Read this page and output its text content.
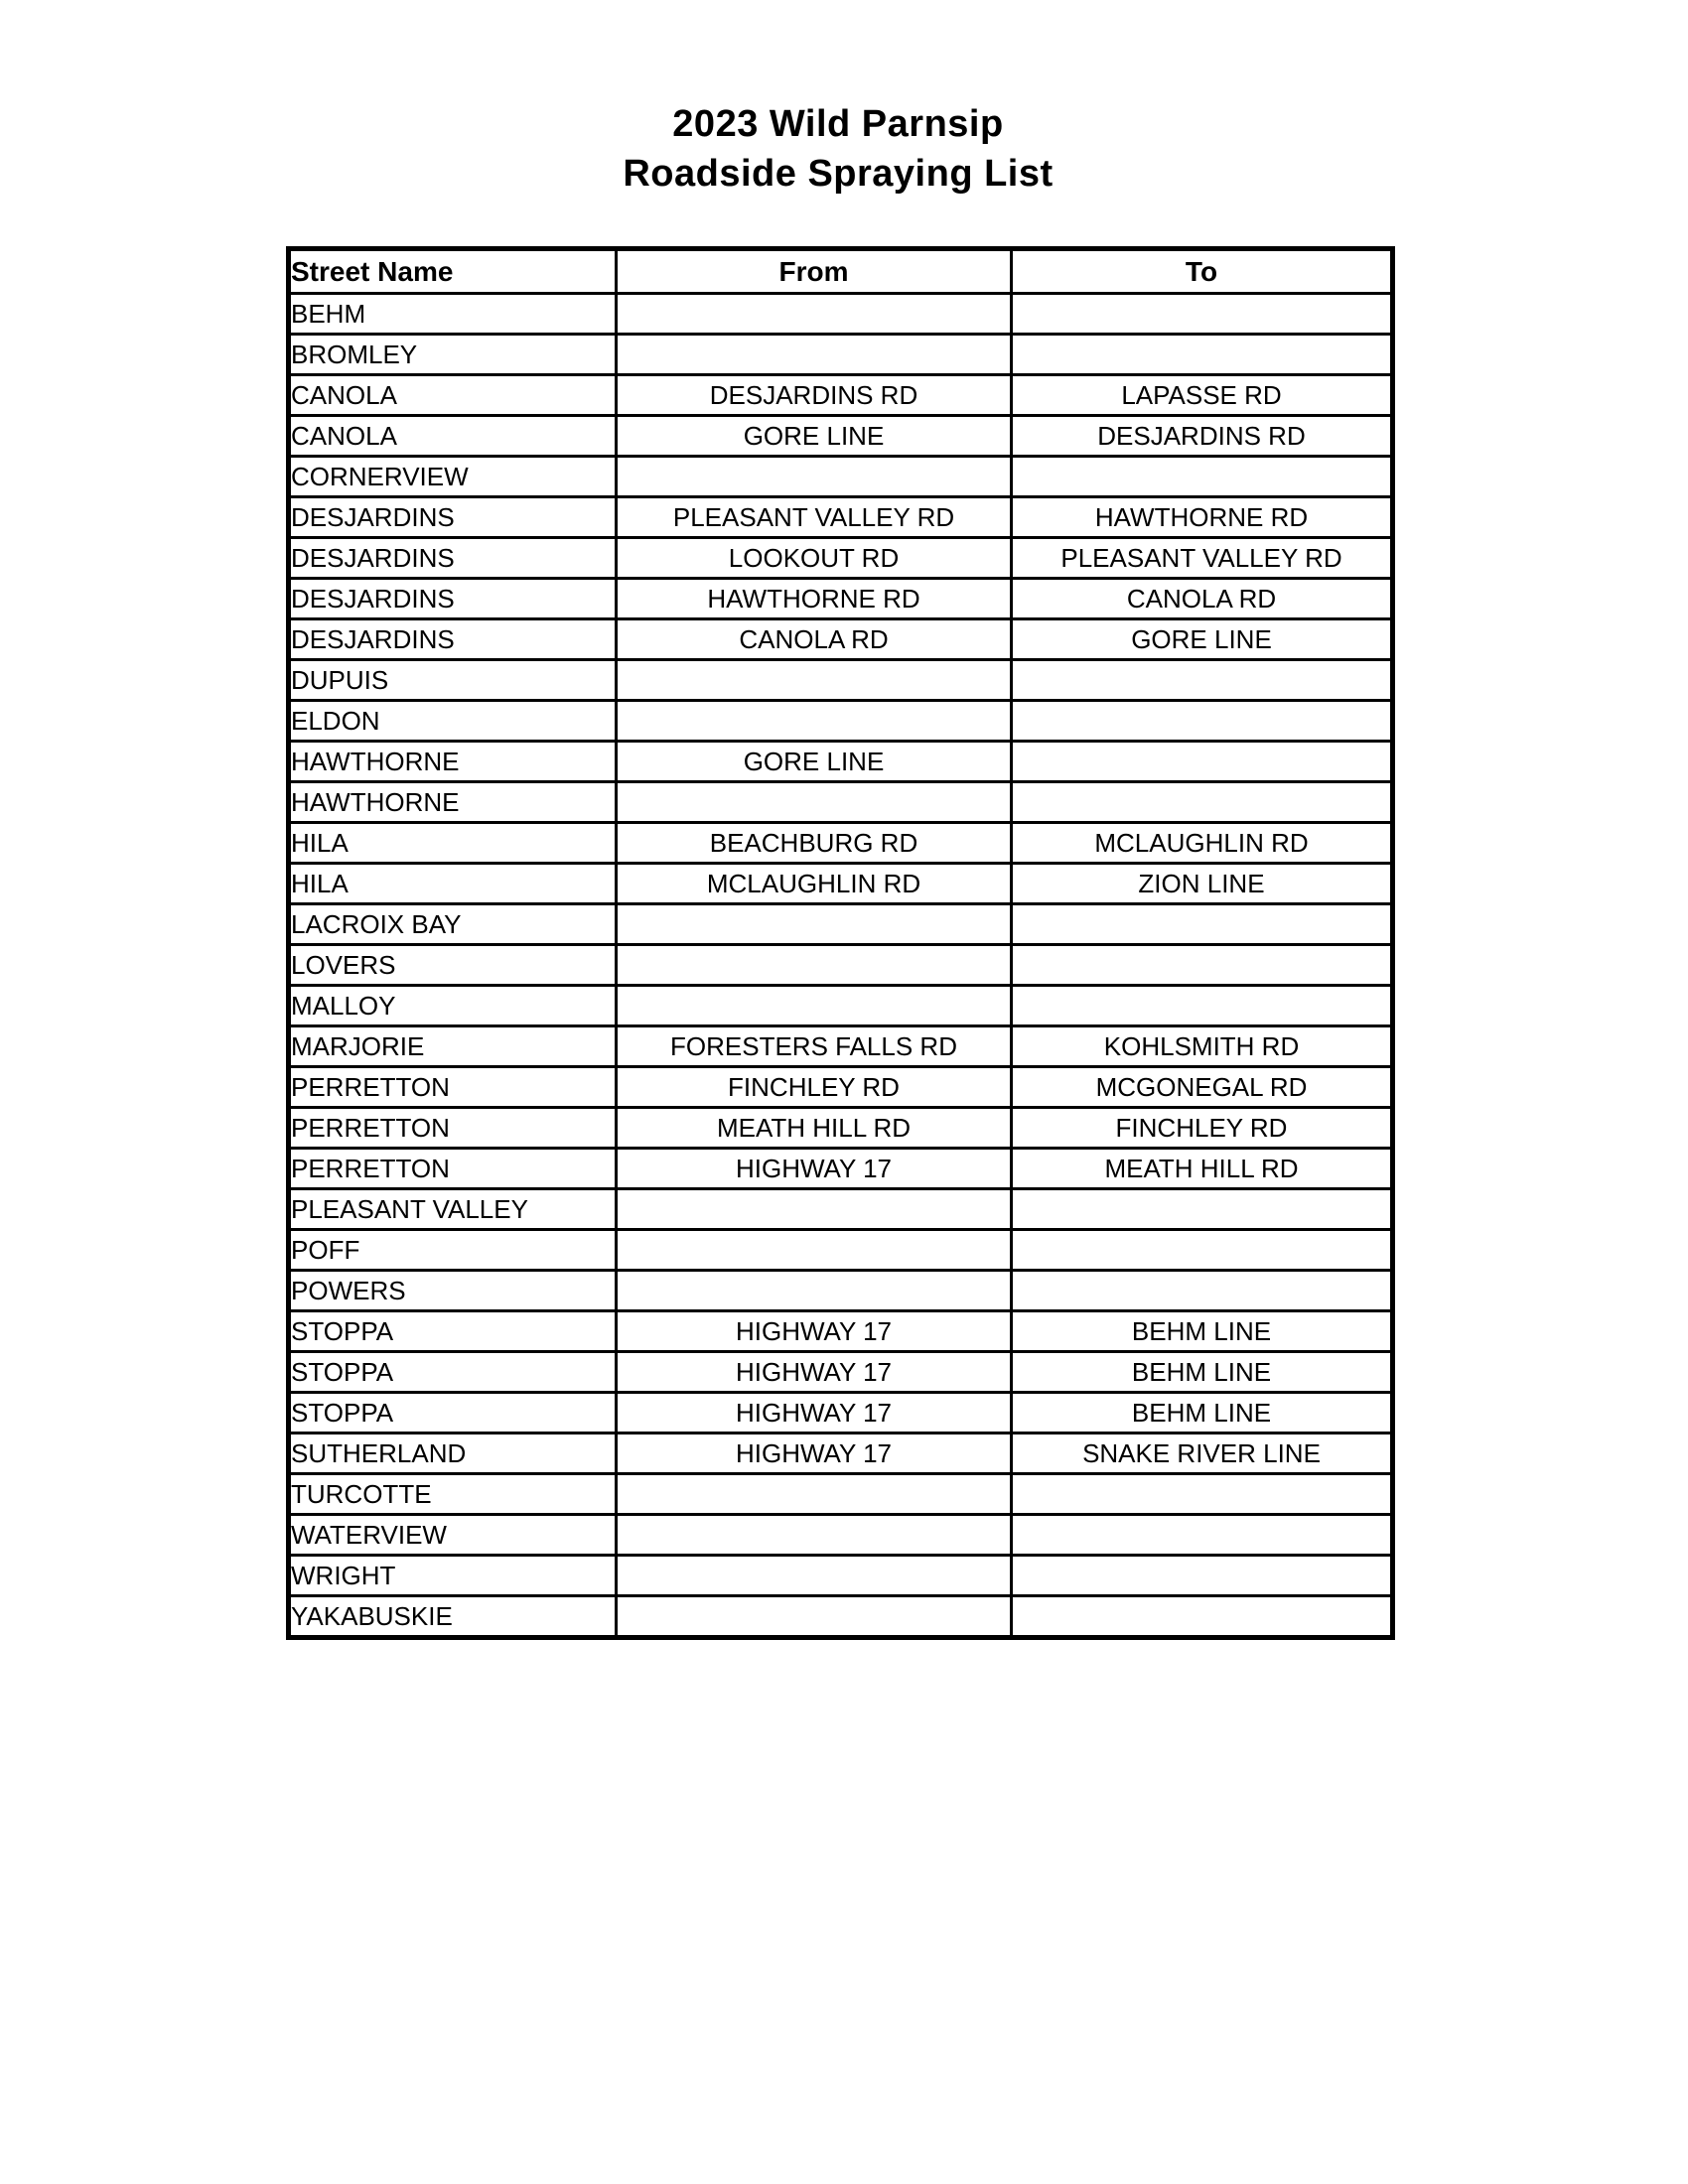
2023 Wild Parnsip
Roadside Spraying List
Street Name	From	To
BEHM		
BROMLEY		
CANOLA	DESJARDINS RD	LAPASSE RD
CANOLA	GORE LINE	DESJARDINS RD
CORNERVIEW		
DESJARDINS	PLEASANT VALLEY RD	HAWTHORNE RD
DESJARDINS	LOOKOUT RD	PLEASANT VALLEY RD
DESJARDINS	HAWTHORNE RD	CANOLA RD
DESJARDINS	CANOLA RD	GORE LINE
DUPUIS		
ELDON		
HAWTHORNE	GORE LINE	
HAWTHORNE		
HILA	BEACHBURG RD	MCLAUGHLIN RD
HILA	MCLAUGHLIN RD	ZION LINE
LACROIX BAY		
LOVERS		
MALLOY		
MARJORIE	FORESTERS FALLS RD	KOHLSMITH RD
PERRETTON	FINCHLEY RD	MCGONEGAL RD
PERRETTON	MEATH HILL RD	FINCHLEY RD
PERRETTON	HIGHWAY 17	MEATH HILL RD
PLEASANT VALLEY		
POFF		
POWERS		
STOPPA	HIGHWAY 17	BEHM LINE
STOPPA	HIGHWAY 17	BEHM LINE
STOPPA	HIGHWAY 17	BEHM LINE
SUTHERLAND	HIGHWAY 17	SNAKE RIVER LINE
TURCOTTE		
WATERVIEW		
WRIGHT		
YAKABUSKIE		
